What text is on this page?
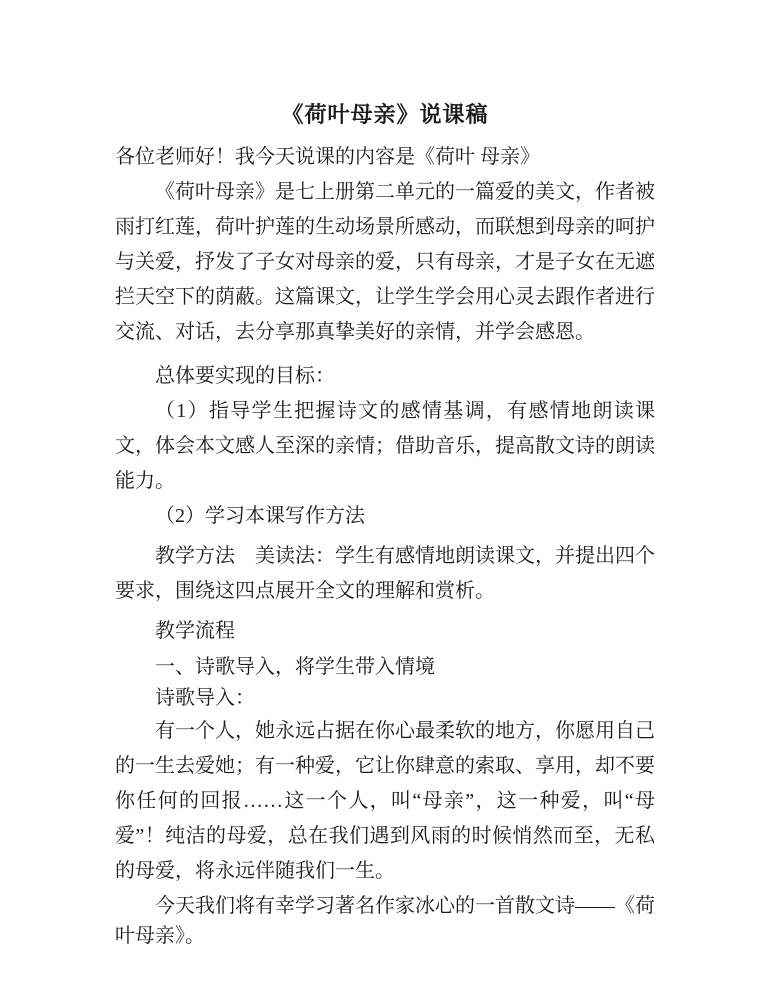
《荷叶母亲》说课稿

各位老师好！我今天说课的内容是《荷叶 母亲》

《荷叶母亲》是七上册第二单元的一篇爱的美文，作者被雨打红莲，荷叶护莲的生动场景所感动，而联想到母亲的呵护与关爱，抒发了子女对母亲的爱，只有母亲，才是子女在无遮拦天空下的荫蔽。这篇课文，让学生学会用心灵去跟作者进行交流、对话，去分享那真挚美好的亲情，并学会感恩。

总体要实现的目标：

（1）指导学生把握诗文的感情基调，有感情地朗读课文，体会本文感人至深的亲情；借助音乐，提高散文诗的朗读能力。

（2）学习本课写作方法

教学方法　美读法：学生有感情地朗读课文，并提出四个要求，围绕这四点展开全文的理解和赏析。

教学流程

一、诗歌导入，将学生带入情境

诗歌导入：

有一个人，她永远占据在你心最柔软的地方，你愿用自己的一生去爱她；有一种爱，它让你肆意的索取、享用，却不要你任何的回报……这一个人，叫“母亲”，这一种爱，叫“母爱”！纯洁的母爱，总在我们遇到风雨的时候悄然而至，无私的母爱，将永远伴随我们一生。

今天我们将有幸学习著名作家冰心的一首散文诗——《荷叶母亲》。
